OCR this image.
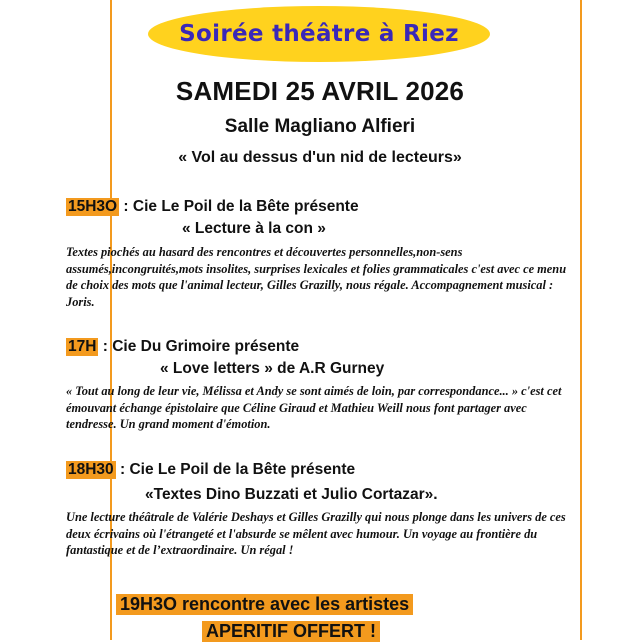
Soirée théâtre à Riez
SAMEDI 25 AVRIL 2026
Salle Magliano Alfieri
« Vol au dessus d'un nid de lecteurs»
15H3O : Cie Le Poil de la Bête présente
« Lecture à la con »
Textes piochés au hasard des rencontres et découvertes personnelles,non-sens assumés,incongruités,mots insolites, surprises lexicales et folies grammaticales c'est avec ce menu de choix des mots que l'animal lecteur, Gilles Grazilly, nous régale. Accompagnement musical : Joris.
17H : Cie Du Grimoire présente
« Love letters » de A.R Gurney
« Tout au long de leur vie, Mélissa et Andy se sont aimés de loin, par correspondance... » c'est cet émouvant échange épistolaire que Céline Giraud et Mathieu Weill nous font partager avec tendresse. Un grand moment d'émotion.
18H30 : Cie Le Poil de la Bête présente
«Textes Dino Buzzati et Julio Cortazar».
Une lecture théâtrale de Valérie Deshays et Gilles Grazilly qui nous plonge dans les univers de ces deux écrivains où l'étrangeté et l'absurde se mêlent avec humour. Un voyage au frontière du fantastique et de l’extraordinaire. Un régal !
19H3O rencontre avec les artistes
APERITIF OFFERT !
